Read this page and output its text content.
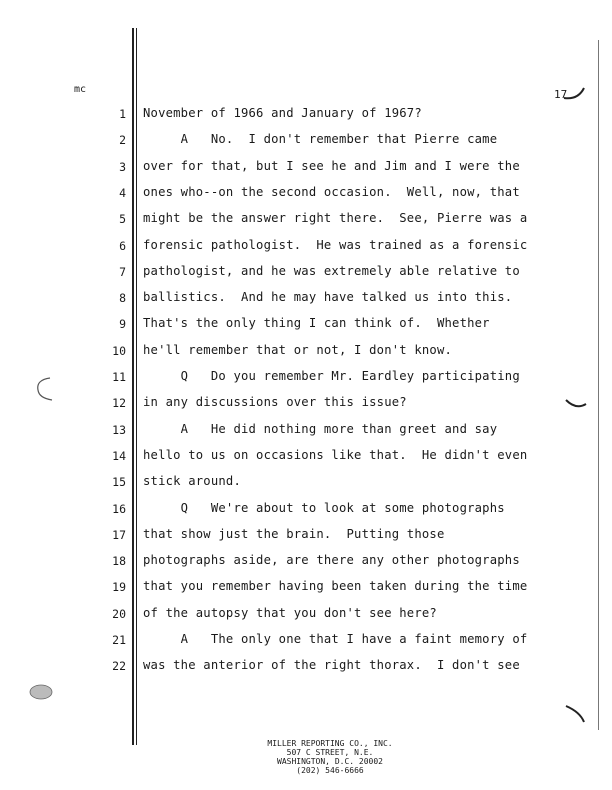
mc	17
1 November of 1966 and January of 1967?
2 A   No.  I don't remember that Pierre came
3 over for that, but I see he and Jim and I were the
4 ones who--on the second occasion.  Well, now, that
5 might be the answer right there.  See, Pierre was a
6 forensic pathologist.  He was trained as a forensic
7 pathologist, and he was extremely able relative to
8 ballistics.  And he may have talked us into this.
9 That's the only thing I can think of.  Whether
10 he'll remember that or not, I don't know.
11 Q   Do you remember Mr. Eardley participating
12 in any discussions over this issue?
13 A   He did nothing more than greet and say
14 hello to us on occasions like that.  He didn't even
15 stick around.
16 Q   We're about to look at some photographs
17 that show just the brain.  Putting those
18 photographs aside, are there any other photographs
19 that you remember having been taken during the time
20 of the autopsy that you don't see here?
21 A   The only one that I have a faint memory of
22 was the anterior of the right thorax.  I don't see
MILLER REPORTING CO., INC.
507 C STREET, N.E.
WASHINGTON, D.C. 20002
(202) 546-6666
